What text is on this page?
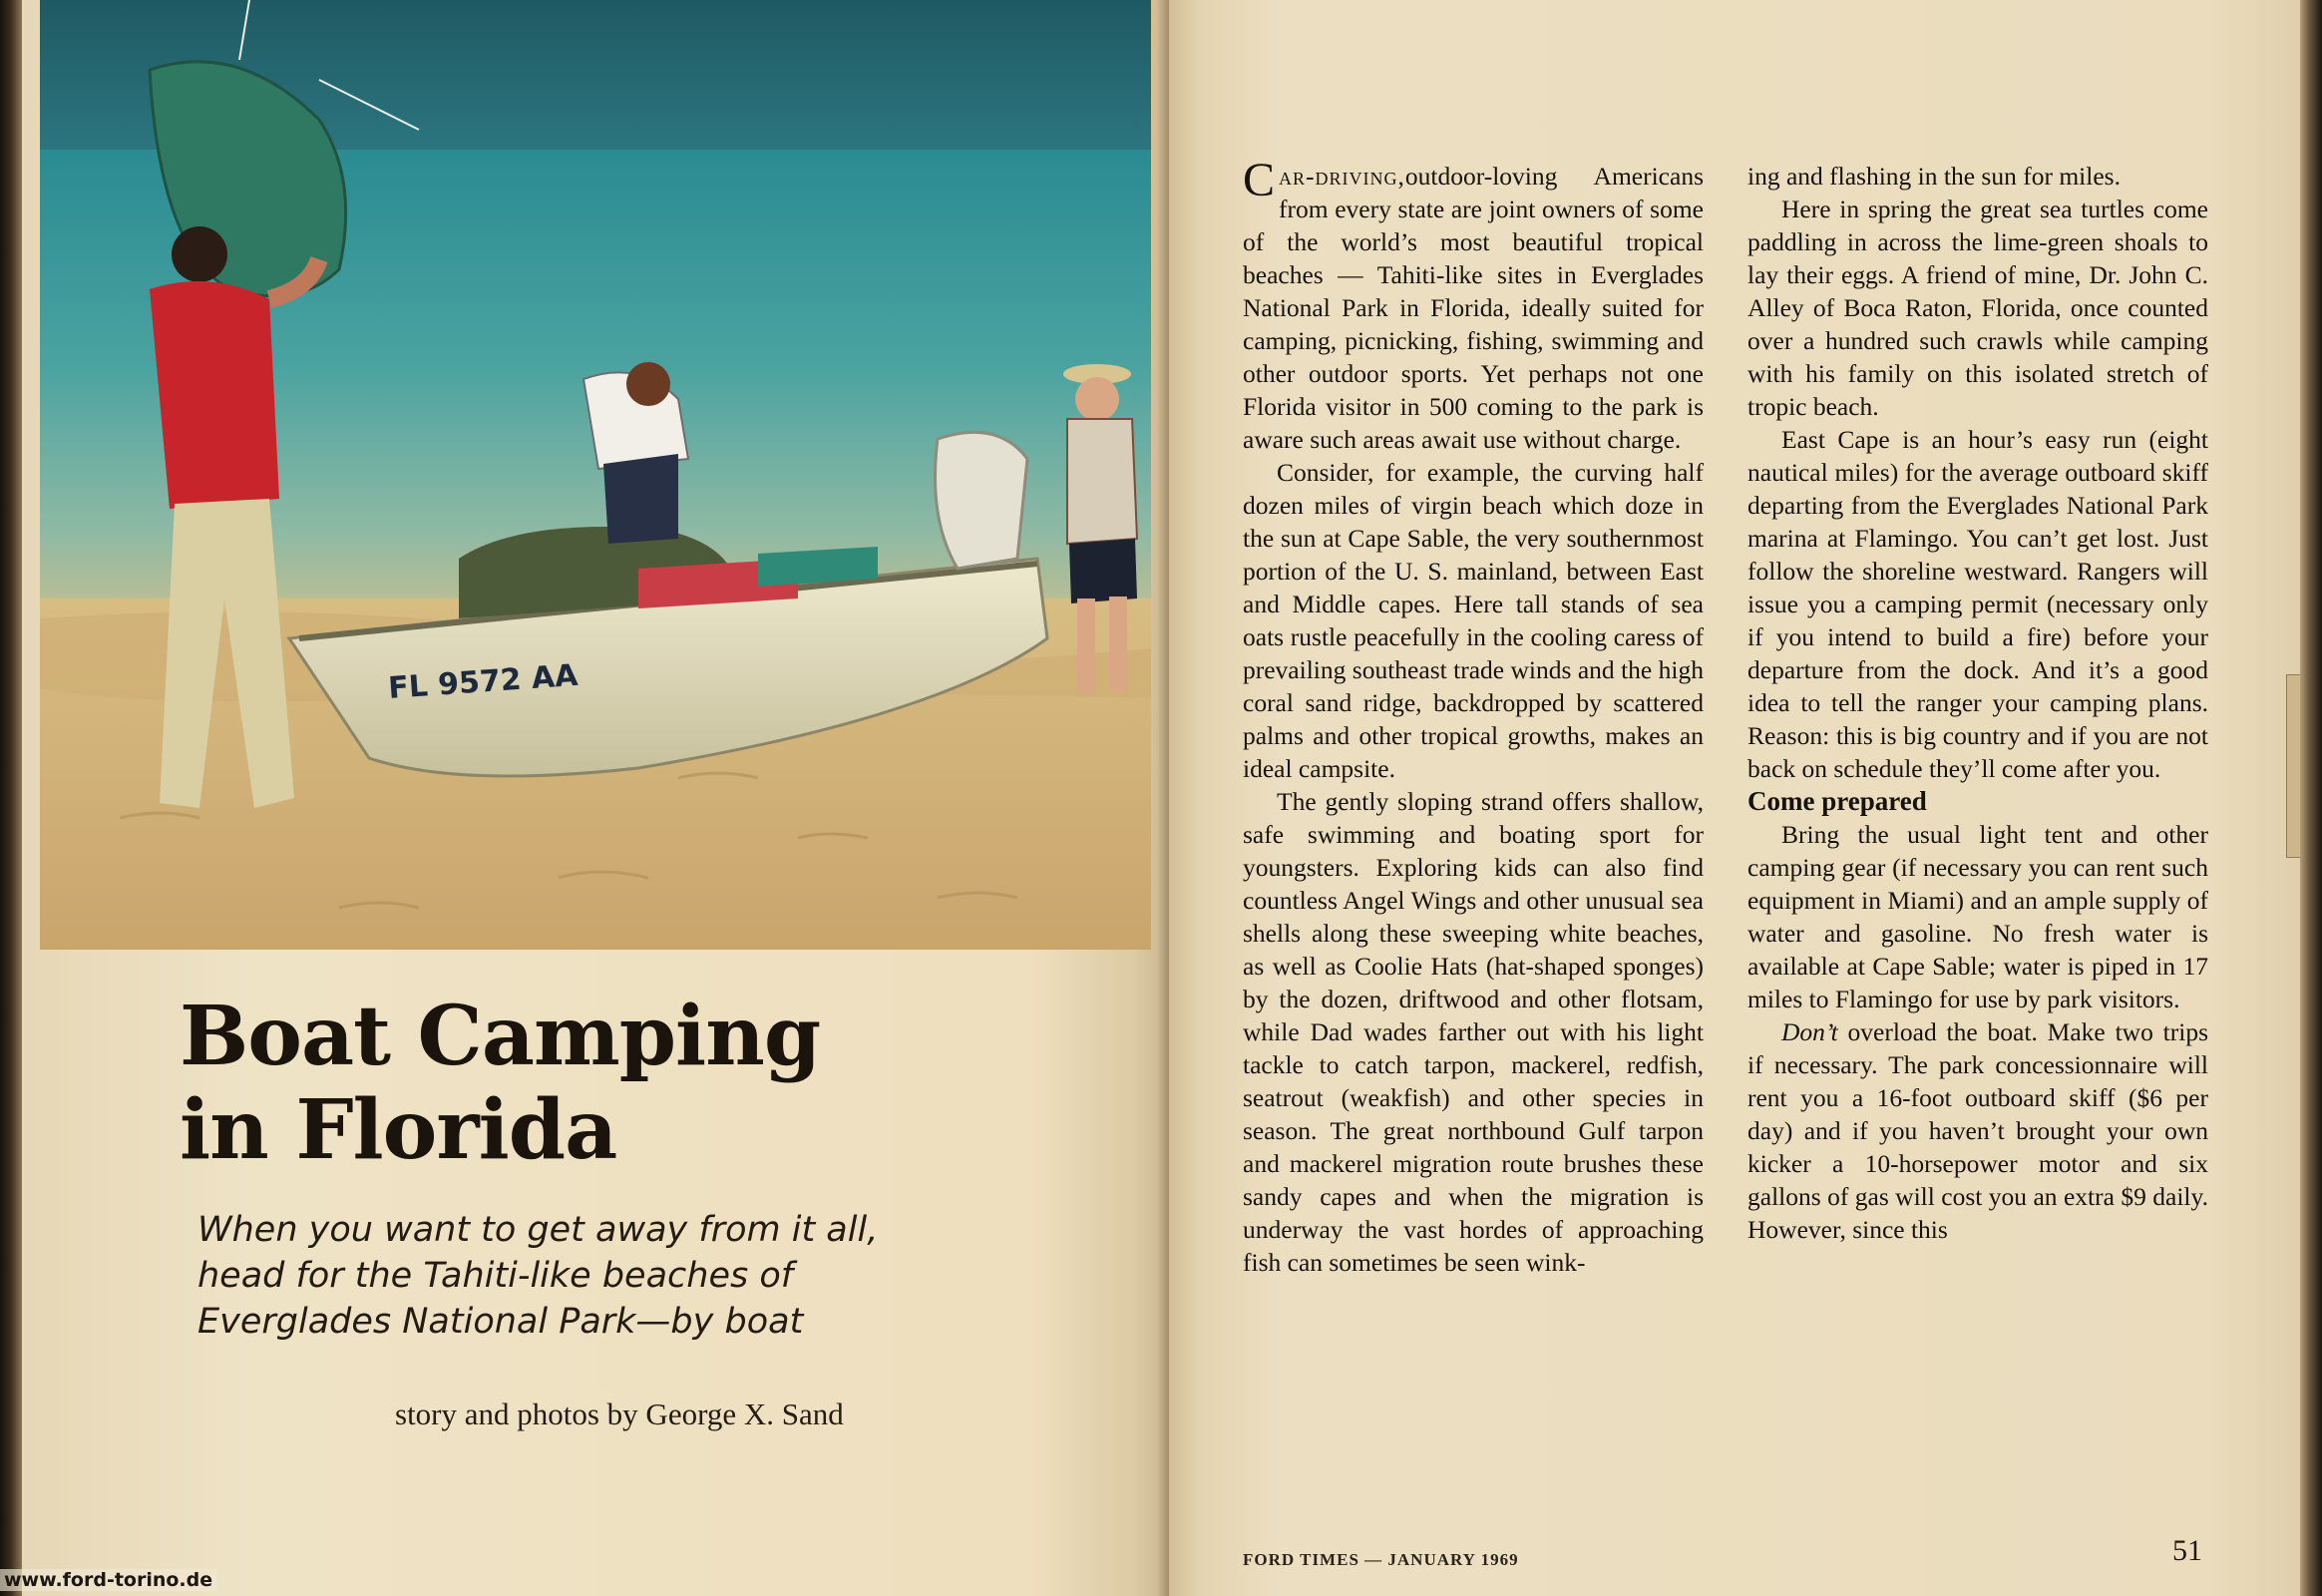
FL 9572 AA
Boat Camping
in Florida

When you want to get away from it all,
head for the Tahiti-like beaches of
Everglades National Park—by boat

story and photos by George X. Sand

www.ford-torino.de

Car-driving,outdoor-loving Americans from every state are joint owners of some of the world’s most beautiful tropical beaches — Tahiti-like sites in Everglades National Park in Florida, ideally suited for camping, picnicking, fishing, swimming and other outdoor sports. Yet perhaps not one Florida visitor in 500 coming to the park is aware such areas await use without charge.

Consider, for example, the curving half dozen miles of virgin beach which doze in the sun at Cape Sable, the very southernmost portion of the U. S. mainland, between East and Middle capes. Here tall stands of sea oats rustle peacefully in the cooling caress of prevailing southeast trade winds and the high coral sand ridge, backdropped by scattered palms and other tropical growths, makes an ideal campsite.

The gently sloping strand offers shallow, safe swimming and boating sport for youngsters. Exploring kids can also find countless Angel Wings and other unusual sea shells along these sweeping white beaches, as well as Coolie Hats (hat-shaped sponges) by the dozen, driftwood and other flotsam, while Dad wades farther out with his light tackle to catch tarpon, mackerel, redfish, seatrout (weakfish) and other species in season. The great northbound Gulf tarpon and mackerel migration route brushes these sandy capes and when the migration is underway the vast hordes of approaching fish can sometimes be seen wink-

ing and flashing in the sun for miles.

Here in spring the great sea turtles come paddling in across the lime-green shoals to lay their eggs. A friend of mine, Dr. John C. Alley of Boca Raton, Florida, once counted over a hundred such crawls while camping with his family on this isolated stretch of tropic beach.

East Cape is an hour’s easy run (eight nautical miles) for the average outboard skiff departing from the Everglades National Park marina at Flamingo. You can’t get lost. Just follow the shoreline westward. Rangers will issue you a camping permit (necessary only if you intend to build a fire) before your departure from the dock. And it’s a good idea to tell the ranger your camping plans. Reason: this is big country and if you are not back on schedule they’ll come after you.

Come prepared

Bring the usual light tent and other camping gear (if necessary you can rent such equipment in Miami) and an ample supply of water and gasoline. No fresh water is available at Cape Sable; water is piped in 17 miles to Flamingo for use by park visitors.

Don’t overload the boat. Make two trips if necessary. The park concessionnaire will rent you a 16-foot outboard skiff ($6 per day) and if you haven’t brought your own kicker a 10-horsepower motor and six gallons of gas will cost you an extra $9 daily. However, since this

FORD TIMES — JANUARY 1969	51
